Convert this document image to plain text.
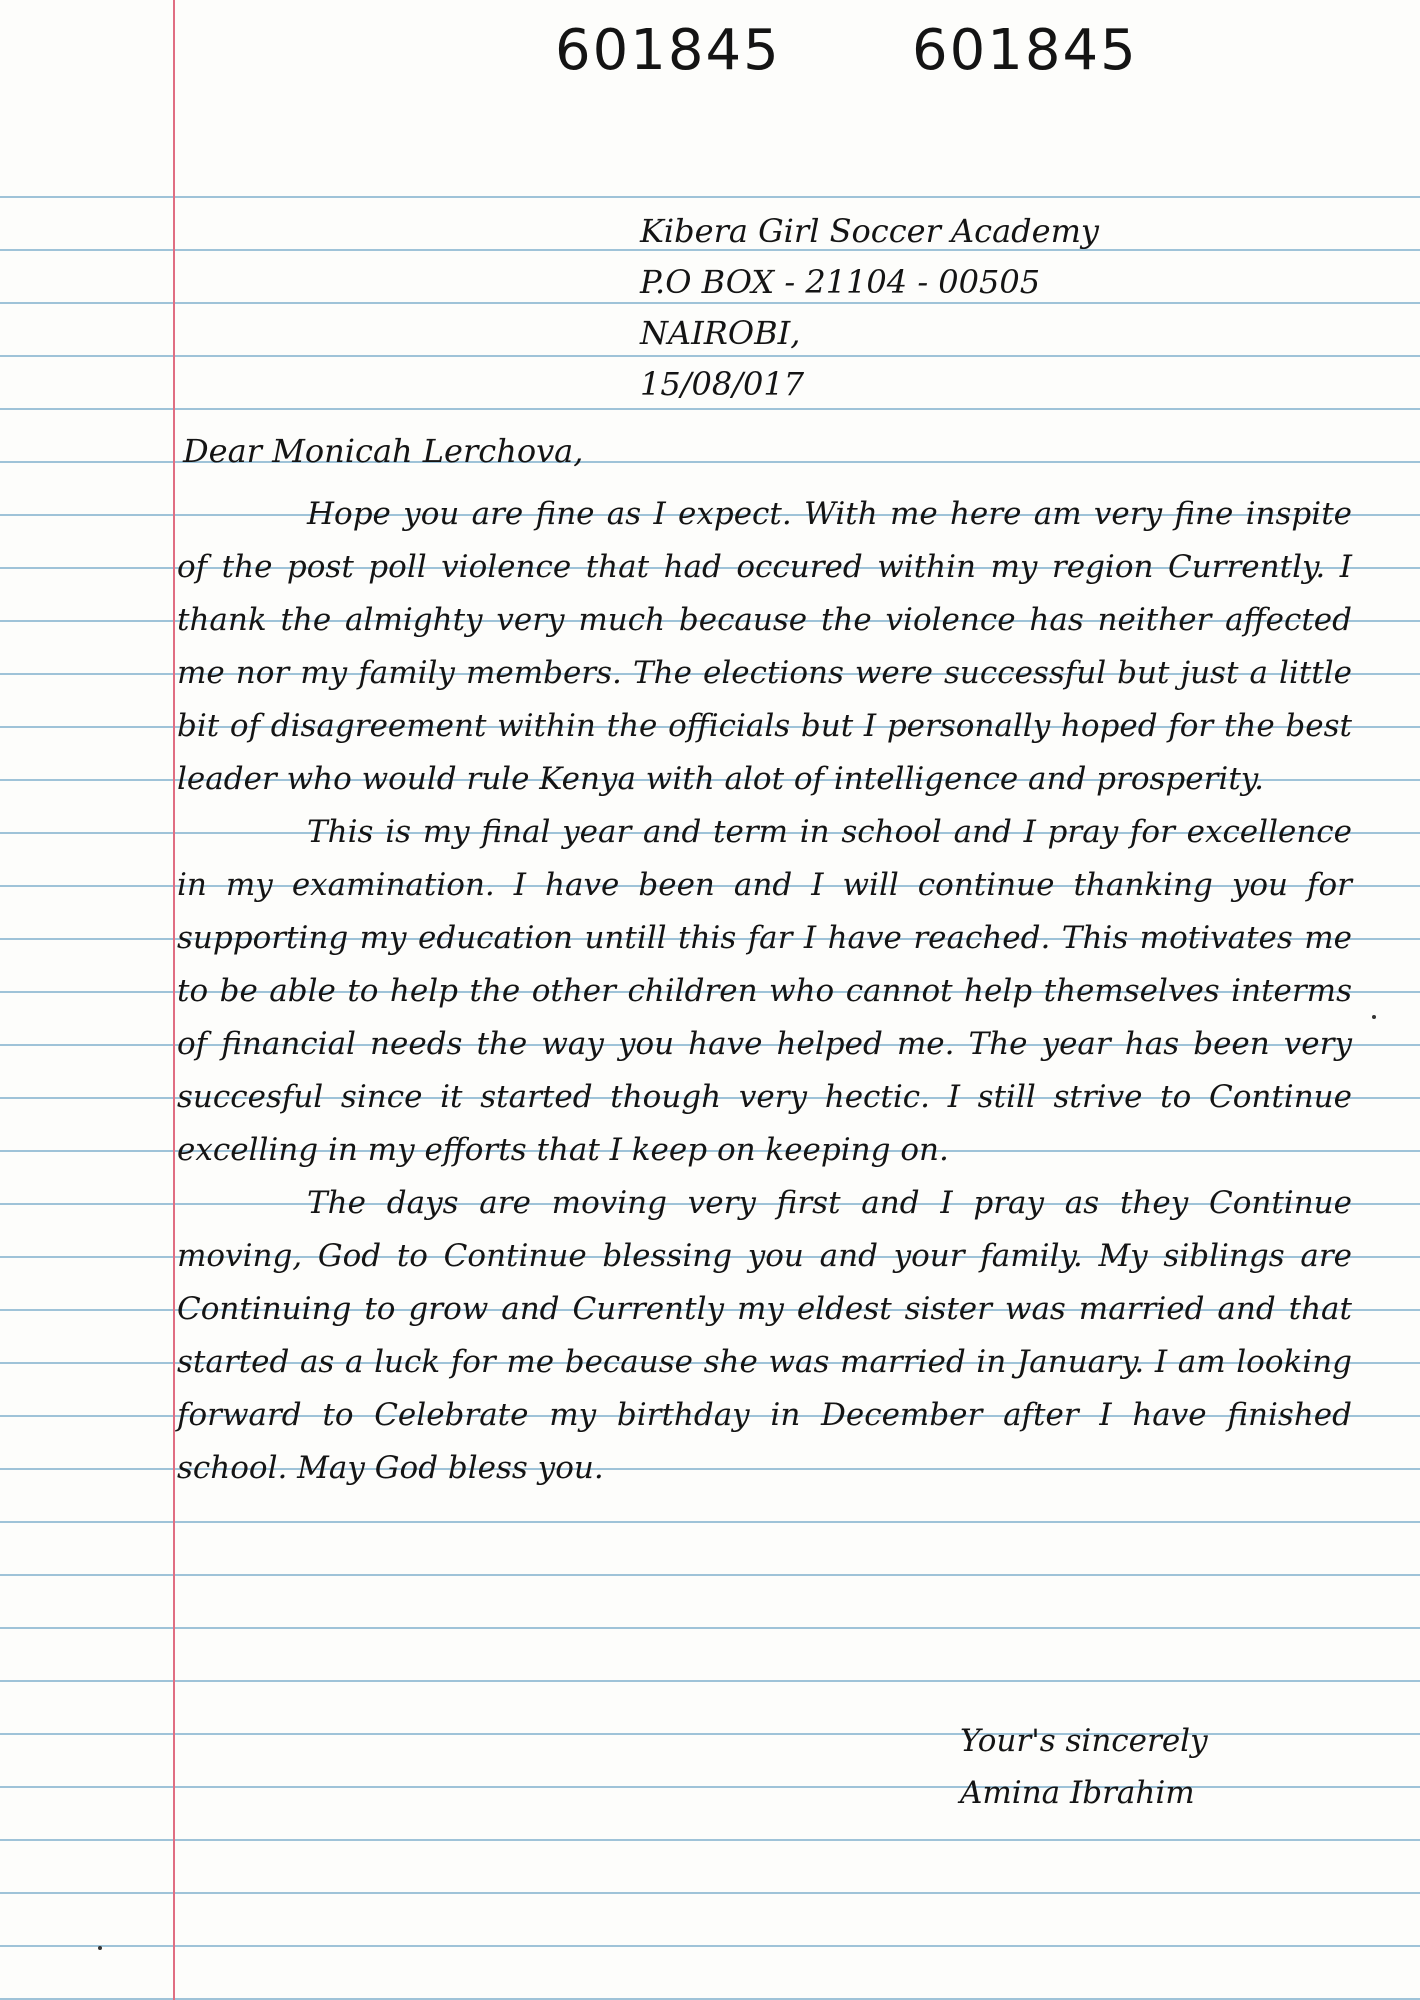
601845 601845
Kibera Girl Soccer Academy
P.O BOX - 21104 - 00505
NAIROBI,
15/08/017
Dear Monicah Lerchova,

Hope you are fine as I expect. With me here am very fine inspite of the post poll violence that had occured within my region Currently. I thank the almighty very much because the violence has neither affected me nor my family members. The elections were successful but just a little bit of disagreement within the officials but I personally hoped for the best leader who would rule Kenya with alot of intelligence and prosperity.

This is my final year and term in school and I pray for excellence in my examination. I have been and I will continue thanking you for supporting my education untill this far I have reached. This motivates me to be able to help the other children who cannot help themselves interms of financial needs the way you have helped me. The year has been very succesful since it started though very hectic. I still strive to Continue excelling in my efforts that I keep on keeping on.

The days are moving very first and I pray as they Continue moving, God to Continue blessing you and your family. My siblings are Continuing to grow and Currently my eldest sister was married and that started as a luck for me because she was married in January. I am looking forward to Celebrate my birthday in December after I have finished school. May God bless you.

Your's sincerely
Amina Ibrahim
